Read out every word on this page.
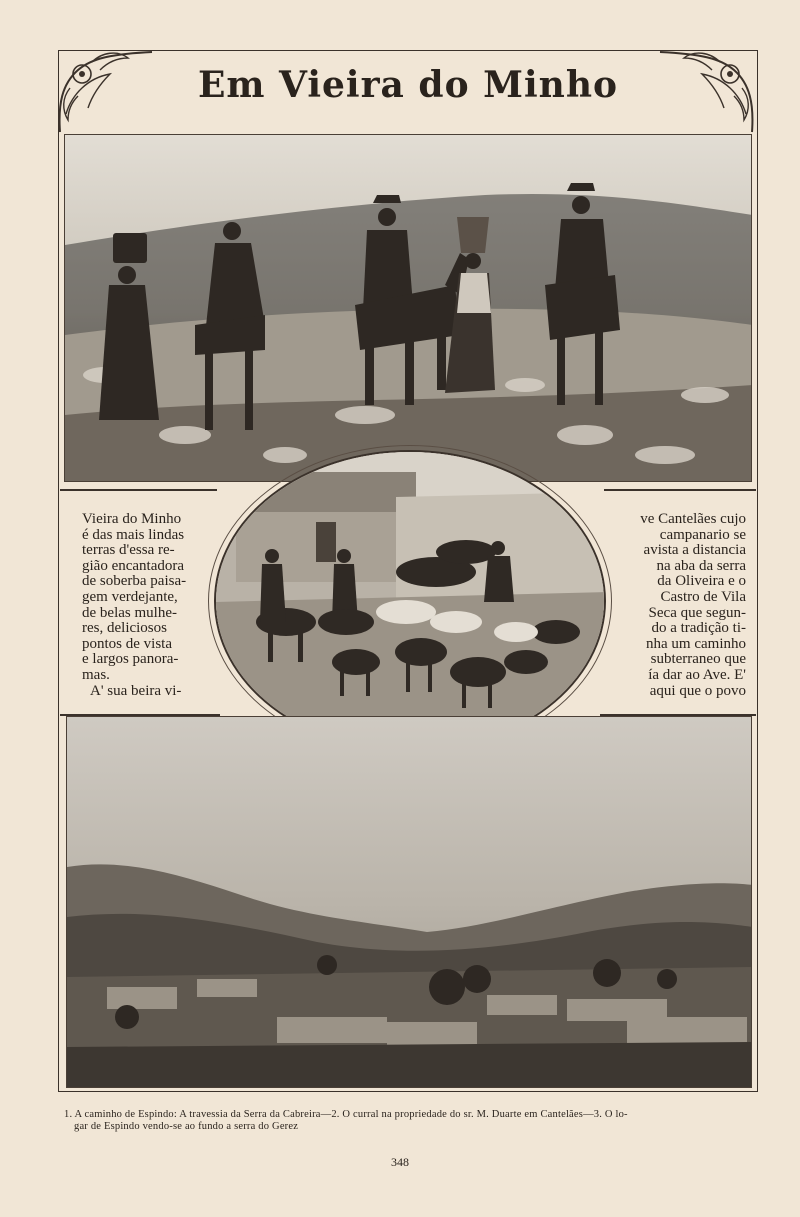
Em Vieira do Minho
Vieira do Minho
é das mais lindas
terras d'essa re-
gião encantadora
de soberba paisa-
gem verdejante,
de belas mulhe-
res, deliciosos
pontos de vista
e largos panora-
mas.
A' sua beira vi-
ve Cantelães cujo
campanario se
avista a distancia
na aba da serra
da Oliveira e o
Castro de Vila
Seca que segun-
do a tradição ti-
nha um caminho
subterraneo que
ía dar ao Ave. E'
aqui que o povo
1. A caminho de Espindo: A travessia da Serra da Cabreira—2. O curral na propriedade do sr. M. Duarte em Cantelães—3. O lo-
gar de Espindo vendo-se ao fundo a serra do Gerez
348
